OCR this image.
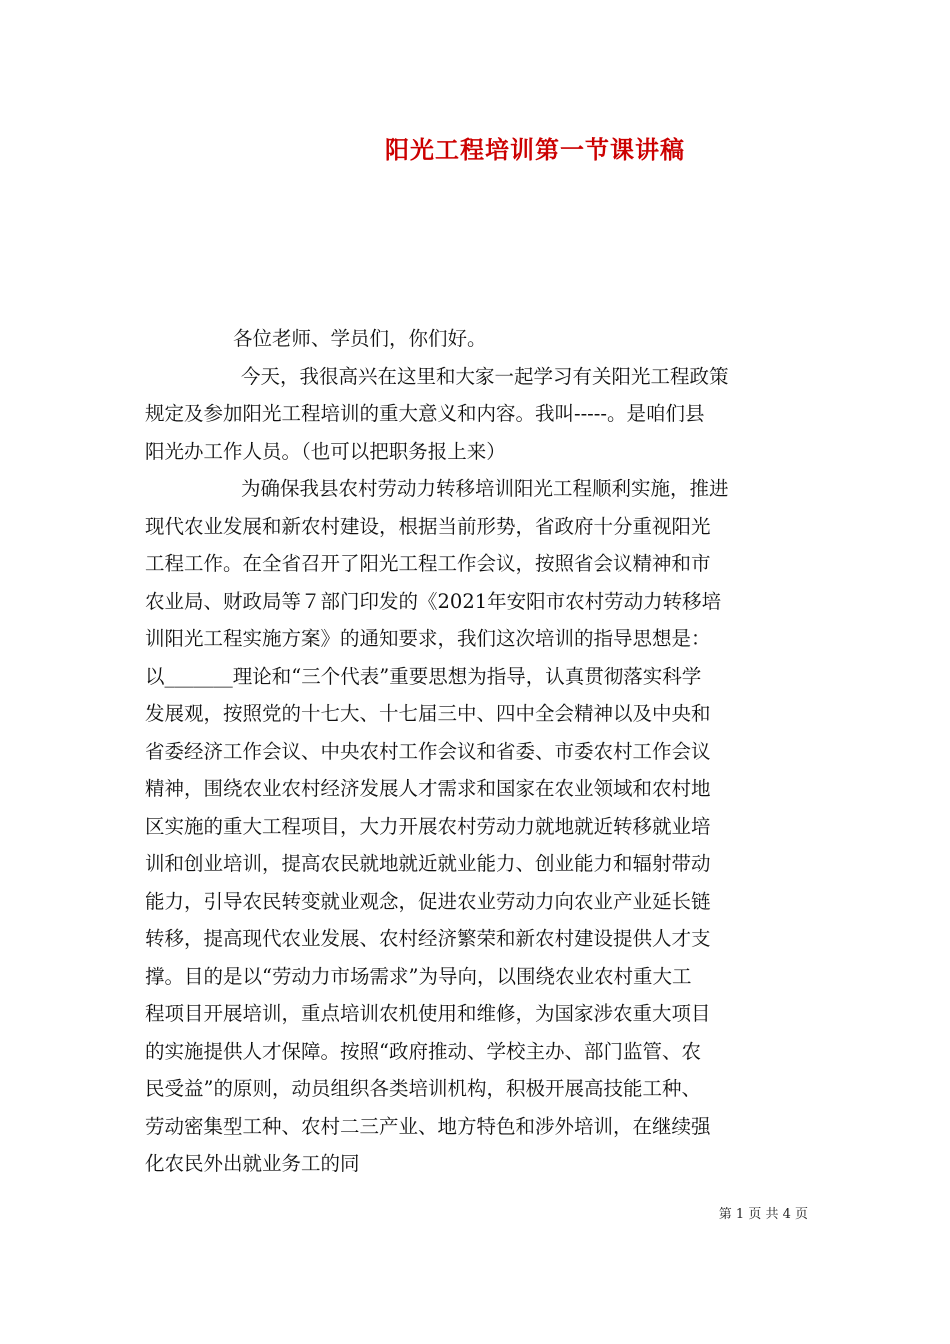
阳光工程培训第一节课讲稿
各位老师、学员们，你们好。
今天，我很高兴在这里和大家一起学习有关阳光工程政策
规定及参加阳光工程培训的重大意义和内容。我叫-----。是咱们县
阳光办工作人员。（也可以把职务报上来）
为确保我县农村劳动力转移培训阳光工程顺利实施，推进
现代农业发展和新农村建设，根据当前形势，省政府十分重视阳光
工程工作。在全省召开了阳光工程工作会议，按照省会议精神和市
农业局、财政局等７部门印发的《2021年安阳市农村劳动力转移培
训阳光工程实施方案》的通知要求，我们这次培训的指导思想是：
以_______理论和“三个代表”重要思想为指导，认真贯彻落实科学
发展观，按照党的十七大、十七届三中、四中全会精神以及中央和
省委经济工作会议、中央农村工作会议和省委、市委农村工作会议
精神，围绕农业农村经济发展人才需求和国家在农业领域和农村地
区实施的重大工程项目，大力开展农村劳动力就地就近转移就业培
训和创业培训，提高农民就地就近就业能力、创业能力和辐射带动
能力，引导农民转变就业观念，促进农业劳动力向农业产业延长链
转移，提高现代农业发展、农村经济繁荣和新农村建设提供人才支
撑。目的是以“劳动力市场需求”为导向，以围绕农业农村重大工
程项目开展培训，重点培训农机使用和维修，为国家涉农重大项目
的实施提供人才保障。按照“政府推动、学校主办、部门监管、农
民受益”的原则，动员组织各类培训机构，积极开展高技能工种、
劳动密集型工种、农村二三产业、地方特色和涉外培训，在继续强
化农民外出就业务工的同
第 1 页 共 4 页
